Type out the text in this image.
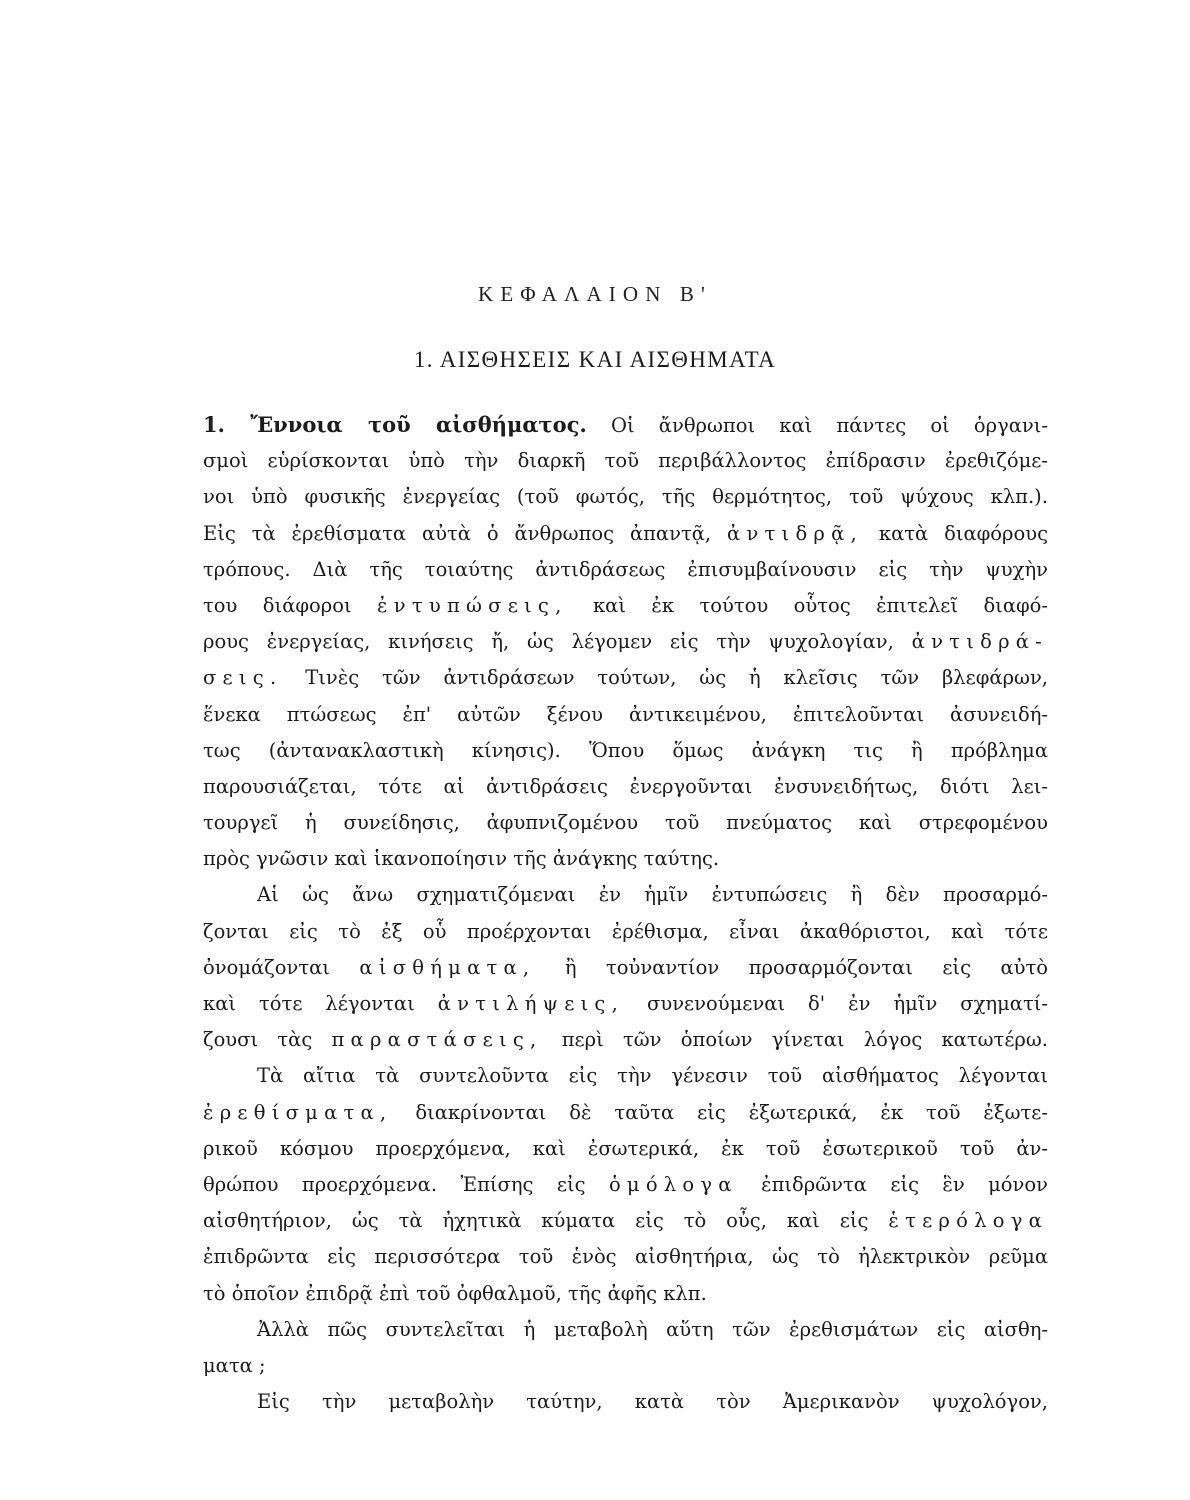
ΚΕΦΑΛΑΙΟΝ Β'
1. ΑΙΣΘΗΣΕΙΣ ΚΑΙ ΑΙΣΘΗΜΑΤΑ
1. Ἔννοια τοῦ αἰσθήματος. Οἱ ἄνθρωποι καὶ πάντες οἱ ὀργανι-
σμοὶ εὑρίσκονται ὑπὸ τὴν διαρκῆ τοῦ περιβάλλοντος ἐπίδρασιν ἐρεθιζόμε-
νοι ὑπὸ φυσικῆς ἐνεργείας (τοῦ φωτός, τῆς θερμότητος, τοῦ ψύχους κλπ.).
Εἰς τὰ ἐρεθίσματα αὐτὰ ὁ ἄνθρωπος ἀπαντᾷ, ἀντιδρᾷ, κατὰ διαφόρους
τρόπους. Διὰ τῆς τοιαύτης ἀντιδράσεως ἐπισυμβαίνουσιν εἰς τὴν ψυχὴν
του διάφοροι ἐντυπώσεις, καὶ ἐκ τούτου οὗτος ἐπιτελεῖ διαφό-
ρους ἐνεργείας, κινήσεις ἤ, ὡς λέγομεν εἰς τὴν ψυχολογίαν, ἀντιδρά-
σεις. Τινὲς τῶν ἀντιδράσεων τούτων, ὡς ἡ κλεῖσις τῶν βλεφάρων,
ἕνεκα πτώσεως ἐπ' αὐτῶν ξένου ἀντικειμένου, ἐπιτελοῦνται ἀσυνειδή-
τως (ἀντανακλαστικὴ κίνησις). Ὅπου ὅμως ἀνάγκη τις ἢ πρόβλημα
παρουσιάζεται, τότε αἱ ἀντιδράσεις ἐνεργοῦνται ἐνσυνειδήτως, διότι λει-
τουργεῖ ἡ συνείδησις, ἀφυπνιζομένου τοῦ πνεύματος καὶ στρεφομένου
πρὸς γνῶσιν καὶ ἱκανοποίησιν τῆς ἀνάγκης ταύτης.
Αἱ ὡς ἄνω σχηματιζόμεναι ἐν ἡμῖν ἐντυπώσεις ἢ δὲν προσαρμό-
ζονται εἰς τὸ ἐξ οὗ προέρχονται ἐρέθισμα, εἶναι ἀκαθόριστοι, καὶ τότε
ὀνομάζονται αἰσθήματα, ἢ τοὐναντίον προσαρμόζονται εἰς αὐτὸ
καὶ τότε λέγονται ἀντιλήψεις, συνενούμεναι δ' ἐν ἡμῖν σχηματί-
ζουσι τὰς παραστάσεις, περὶ τῶν ὁποίων γίνεται λόγος κατωτέρω.
Τὰ αἴτια τὰ συντελοῦντα εἰς τὴν γένεσιν τοῦ αἰσθήματος λέγονται
ἐρεθίσματα, διακρίνονται δὲ ταῦτα εἰς ἐξωτερικά, ἐκ τοῦ ἐξωτε-
ρικοῦ κόσμου προερχόμενα, καὶ ἐσωτερικά, ἐκ τοῦ ἐσωτερικοῦ τοῦ ἀν-
θρώπου προερχόμενα. Ἐπίσης εἰς ὁμόλογα ἐπιδρῶντα εἰς ἓν μόνον
αἰσθητήριον, ὡς τὰ ἠχητικὰ κύματα εἰς τὸ οὖς, καὶ εἰς ἑτερόλογα
ἐπιδρῶντα εἰς περισσότερα τοῦ ἑνὸς αἰσθητήρια, ὡς τὸ ἠλεκτρικὸν ρεῦμα
τὸ ὁποῖον ἐπιδρᾷ ἐπὶ τοῦ ὀφθαλμοῦ, τῆς ἀφῆς κλπ.
Ἀλλὰ πῶς συντελεῖται ἡ μεταβολὴ αὕτη τῶν ἐρεθισμάτων εἰς αἰσθη-
ματα ;
Εἰς τὴν μεταβολὴν ταύτην, κατὰ τὸν Ἀμερικανὸν ψυχολόγον,
